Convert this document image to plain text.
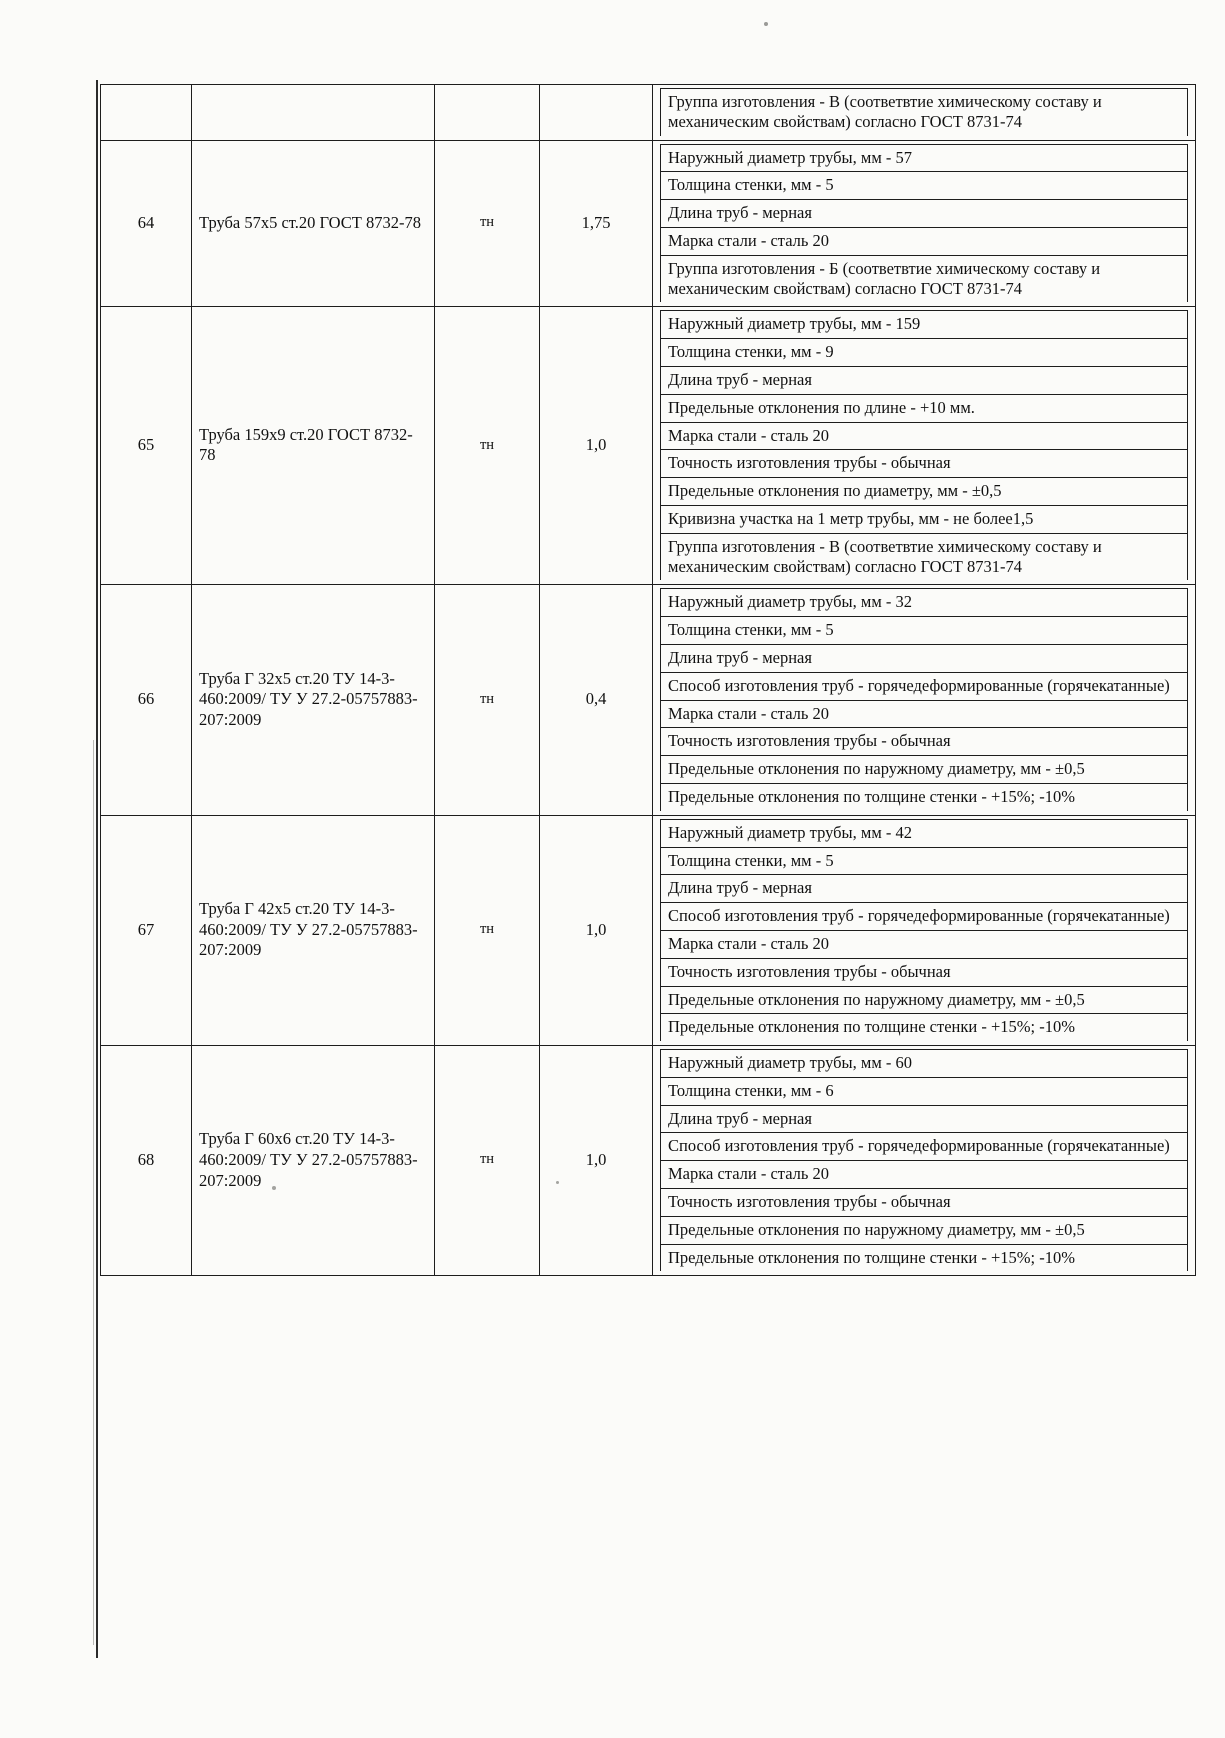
Группа изготовления - В (соответвтие химическому составу и механическим свойствам) согласно ГОСТ 8731-74

64	Труба 57х5 ст.20 ГОСТ 8732-78	тн	1,75	
Наружный диаметр трубы, мм - 57
Толщина стенки, мм - 5
Длина труб - мерная
Марка стали - сталь 20
Группа изготовления - Б (соответвтие химическому составу и механическим свойствам) согласно ГОСТ 8731-74

65	Труба 159х9 ст.20 ГОСТ 8732-78	тн	1,0	
Наружный диаметр трубы, мм - 159
Толщина стенки, мм - 9
Длина труб - мерная
Предельные отклонения по длине - +10 мм.
Марка стали - сталь 20
Точность изготовления трубы - обычная
Предельные отклонения по диаметру, мм - ±0,5
Кривизна участка на 1 метр трубы, мм - не более1,5
Группа изготовления - В (соответвтие химическому составу и механическим свойствам) согласно ГОСТ 8731-74

66	Труба Г 32х5 ст.20 ТУ 14-3-460:2009/ ТУ У 27.2-05757883-207:2009	тн	0,4	
Наружный диаметр трубы, мм - 32
Толщина стенки, мм - 5
Длина труб - мерная
Способ изготовления труб - горячедеформированные (горячекатанные)
Марка стали - сталь 20
Точность изготовления трубы - обычная
Предельные отклонения по наружному диаметру, мм - ±0,5
Предельные отклонения по толщине стенки - +15%; -10%

67	Труба Г 42х5 ст.20 ТУ 14-3-460:2009/ ТУ У 27.2-05757883-207:2009	тн	1,0	
Наружный диаметр трубы, мм - 42
Толщина стенки, мм - 5
Длина труб - мерная
Способ изготовления труб - горячедеформированные (горячекатанные)
Марка стали - сталь 20
Точность изготовления трубы - обычная
Предельные отклонения по наружному диаметру, мм - ±0,5
Предельные отклонения по толщине стенки - +15%; -10%

68	Труба Г 60х6 ст.20 ТУ 14-3-460:2009/ ТУ У 27.2-05757883-207:2009	тн	1,0	
Наружный диаметр трубы, мм - 60
Толщина стенки, мм - 6
Длина труб - мерная
Способ изготовления труб - горячедеформированные (горячекатанные)
Марка стали - сталь 20
Точность изготовления трубы - обычная
Предельные отклонения по наружному диаметру, мм - ±0,5
Предельные отклонения по толщине стенки - +15%; -10%
